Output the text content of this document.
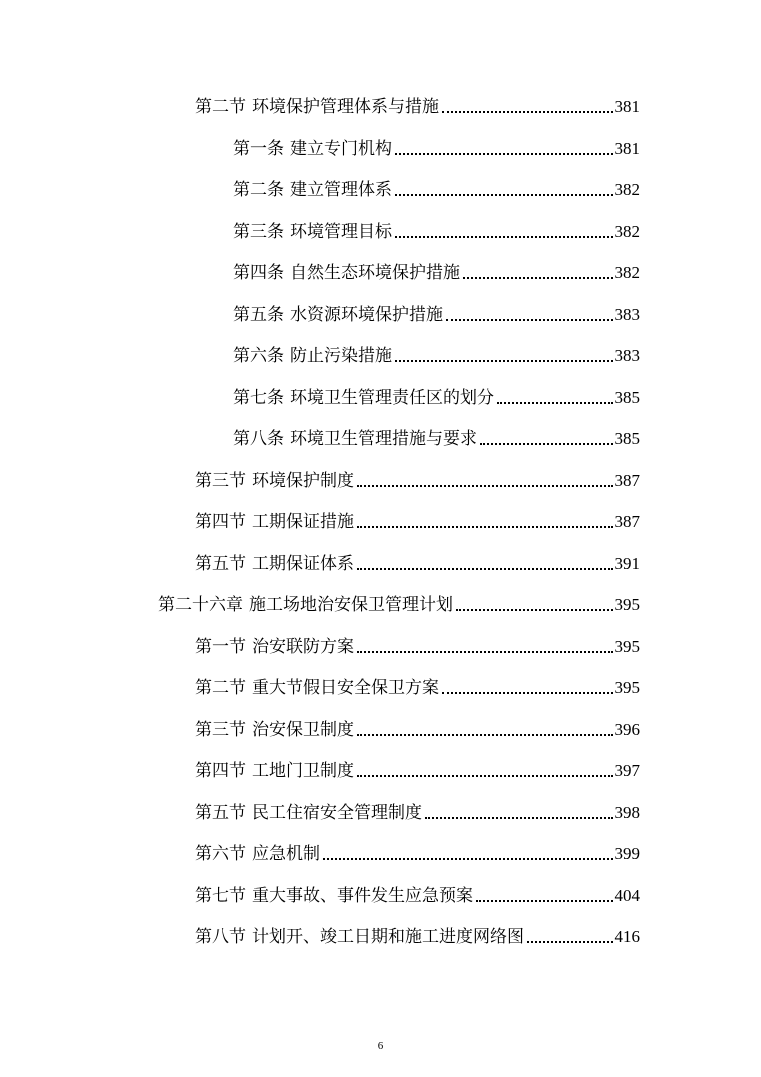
第二节 环境保护管理体系与措施	381
第一条 建立专门机构	381
第二条 建立管理体系	382
第三条 环境管理目标	382
第四条 自然生态环境保护措施	382
第五条 水资源环境保护措施	383
第六条 防止污染措施	383
第七条 环境卫生管理责任区的划分	385
第八条 环境卫生管理措施与要求	385
第三节 环境保护制度	387
第四节 工期保证措施	387
第五节 工期保证体系	391
第二十六章 施工场地治安保卫管理计划	395
第一节 治安联防方案	395
第二节 重大节假日安全保卫方案	395
第三节 治安保卫制度	396
第四节 工地门卫制度	397
第五节 民工住宿安全管理制度	398
第六节 应急机制	399
第七节 重大事故、事件发生应急预案	404
第八节 计划开、竣工日期和施工进度网络图	416
6
